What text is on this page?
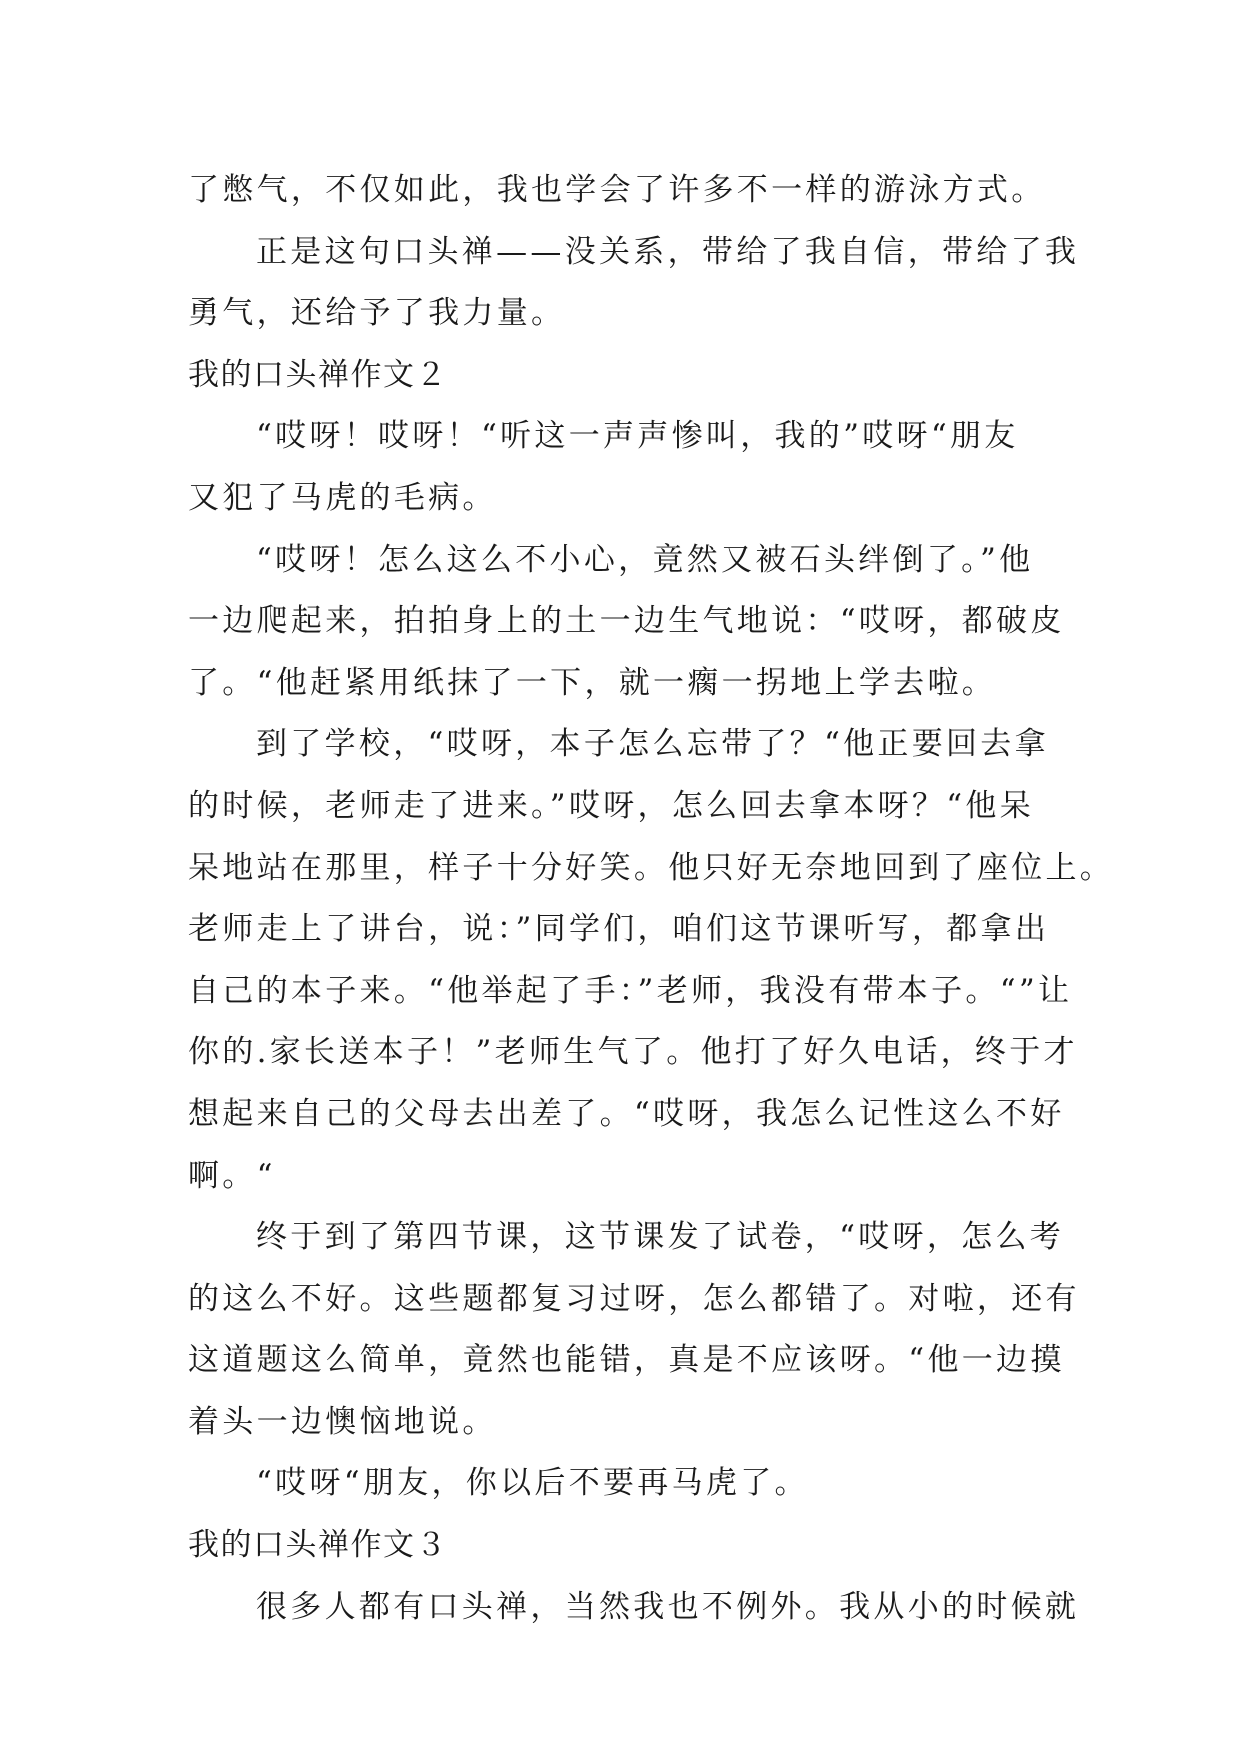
了憋气，不仅如此，我也学会了许多不一样的游泳方式。
正是这句口头禅——没关系，带给了我自信，带给了我
勇气，还给予了我力量。
我的口头禅作文２
“哎呀！哎呀！“听这一声声惨叫，我的”哎呀“朋友
又犯了马虎的毛病。
“哎呀！怎么这么不小心，竟然又被石头绊倒了。”他
一边爬起来，拍拍身上的土一边生气地说：“哎呀，都破皮
了。“他赶紧用纸抹了一下，就一瘸一拐地上学去啦。
到了学校，“哎呀，本子怎么忘带了？“他正要回去拿
的时候，老师走了进来。”哎呀，怎么回去拿本呀？“他呆
呆地站在那里，样子十分好笑。他只好无奈地回到了座位上。
老师走上了讲台，说：”同学们，咱们这节课听写，都拿出
自己的本子来。“他举起了手：”老师，我没有带本子。“”让
你的.家长送本子！”老师生气了。他打了好久电话，终于才
想起来自己的父母去出差了。“哎呀，我怎么记性这么不好
啊。“
终于到了第四节课，这节课发了试卷，“哎呀，怎么考
的这么不好。这些题都复习过呀，怎么都错了。对啦，还有
这道题这么简单，竟然也能错，真是不应该呀。“他一边摸
着头一边懊恼地说。
“哎呀“朋友，你以后不要再马虎了。
我的口头禅作文３
很多人都有口头禅，当然我也不例外。我从小的时候就
